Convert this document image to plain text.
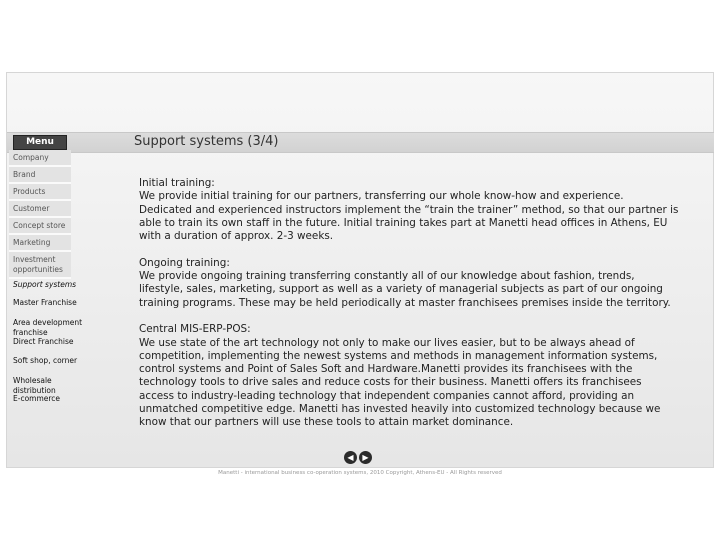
Menu	Support systems (3/4)
Company
Brand
Products
Customer
Concept store
Marketing
Investment opportunities
Support systems
Master Franchise
Area development franchise
Direct Franchise
Soft shop, corner
Wholesale distribution
E-commerce

Initial training:
We provide initial training for our partners, transferring our whole know-how and experience. Dedicated and experienced instructors implement the “train the trainer” method, so that our partner is able to train its own staff in the future. Initial training takes part at Manetti head offices in Athens, EU with a duration of approx. 2-3 weeks.

Ongoing training:
We provide ongoing training transferring constantly all of our knowledge about fashion, trends, lifestyle, sales, marketing, support as well as a variety of managerial subjects as part of our ongoing training programs. These may be held periodically at master franchisees premises inside the territory.

Central MIS-ERP-POS:
We use state of the art technology not only to make our lives easier, but to be always ahead of competition, implementing the newest systems and methods in management information systems, control systems and Point of Sales Soft and Hardware.Manetti provides its franchisees with the technology tools to drive sales and reduce costs for their business. Manetti offers its franchisees access to industry-leading technology that independent companies cannot afford, providing an unmatched competitive edge. Manetti has invested heavily into customized technology because we know that our partners will use these tools to attain market dominance.

◀ ▶
Manetti - international business co-operation systems, 2010 Copyright, Athens-EU - All Rights reserved
